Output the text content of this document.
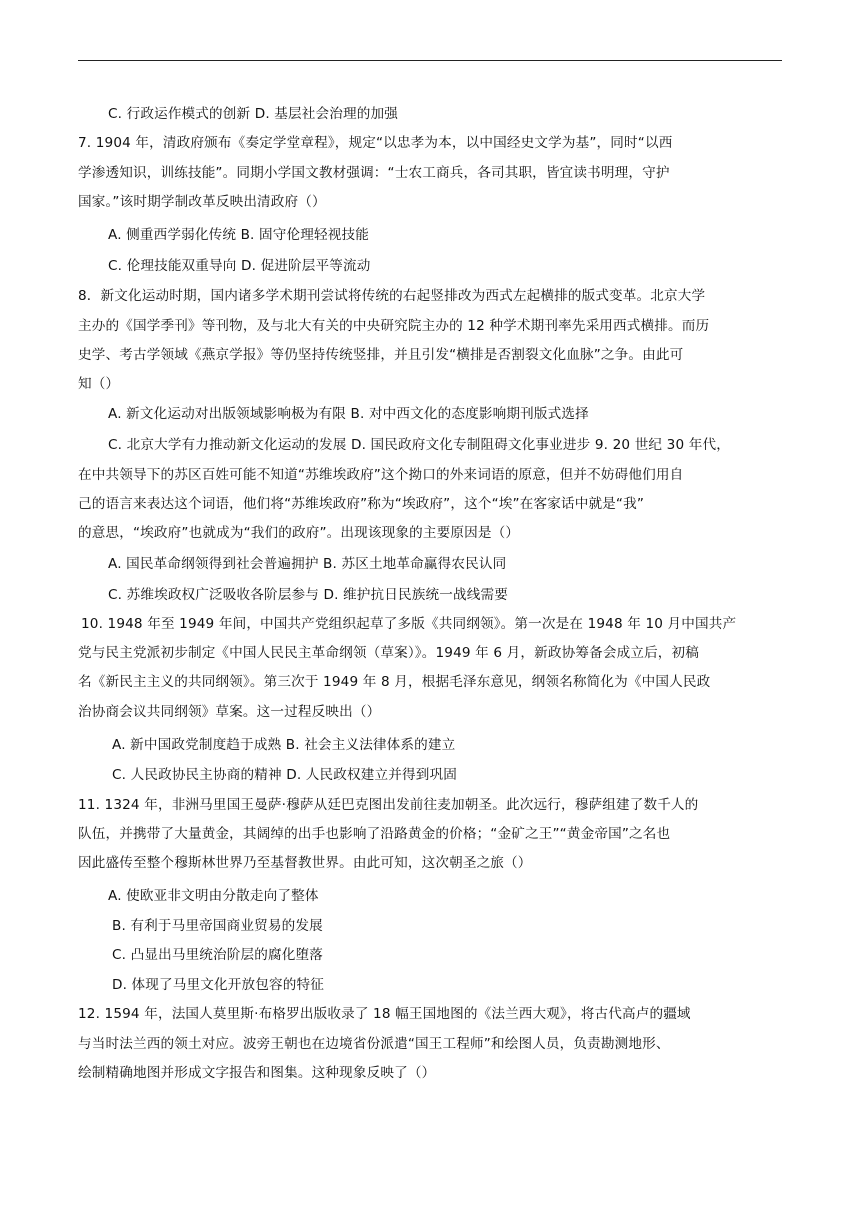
C. 行政运作模式的创新 D. 基层社会治理的加强
7. 1904 年，清政府颁布《奏定学堂章程》，规定“以忠孝为本，以中国经史文学为基”，同时“以西
学渗透知识，训练技能”。同期小学国文教材强调：“士农工商兵，各司其职，皆宜读书明理，守护
国家。”该时期学制改革反映出清政府（）
A. 侧重西学弱化传统 B. 固守伦理轻视技能
C. 伦理技能双重导向 D. 促进阶层平等流动
8．新文化运动时期，国内诸多学术期刊尝试将传统的右起竖排改为西式左起横排的版式变革。北京大学
主办的《国学季刊》等刊物，及与北大有关的中央研究院主办的 12 种学术期刊率先采用西式横排。而历
史学、考古学领域《燕京学报》等仍坚持传统竖排，并且引发“横排是否割裂文化血脉”之争。由此可
知（）
A. 新文化运动对出版领域影响极为有限 B. 对中西文化的态度影响期刊版式选择
C. 北京大学有力推动新文化运动的发展 D. 国民政府文化专制阻碍文化事业进步 9. 20 世纪 30 年代，
在中共领导下的苏区百姓可能不知道“苏维埃政府”这个拗口的外来词语的原意，但并不妨碍他们用自
己的语言来表达这个词语，他们将“苏维埃政府”称为“埃政府”，这个“埃”在客家话中就是“我”
的意思，“埃政府”也就成为“我们的政府”。出现该现象的主要原因是（）
A. 国民革命纲领得到社会普遍拥护 B. 苏区土地革命赢得农民认同
C. 苏维埃政权广泛吸收各阶层参与 D. 维护抗日民族统一战线需要
10. 1948 年至 1949 年间，中国共产党组织起草了多版《共同纲领》。第一次是在 1948 年 10 月中国共产
党与民主党派初步制定《中国人民民主革命纲领（草案）》。1949 年 6 月，新政协筹备会成立后，初稿
名《新民主主义的共同纲领》。第三次于 1949 年 8 月，根据毛泽东意见，纲领名称简化为《中国人民政
治协商会议共同纲领》草案。这一过程反映出（）
A. 新中国政党制度趋于成熟 B. 社会主义法律体系的建立
C. 人民政协民主协商的精神 D. 人民政权建立并得到巩固
11. 1324 年，非洲马里国王曼萨·穆萨从廷巴克图出发前往麦加朝圣。此次远行，穆萨组建了数千人的
队伍，并携带了大量黄金，其阔绰的出手也影响了沿路黄金的价格；“金矿之王”“黄金帝国”之名也
因此盛传至整个穆斯林世界乃至基督教世界。由此可知，这次朝圣之旅（）
A. 使欧亚非文明由分散走向了整体
B. 有利于马里帝国商业贸易的发展
C. 凸显出马里统治阶层的腐化堕落
D. 体现了马里文化开放包容的特征
12. 1594 年，法国人莫里斯·布格罗出版收录了 18 幅王国地图的《法兰西大观》，将古代高卢的疆域
与当时法兰西的领土对应。波旁王朝也在边境省份派遣“国王工程师”和绘图人员，负责勘测地形、
绘制精确地图并形成文字报告和图集。这种现象反映了（）
